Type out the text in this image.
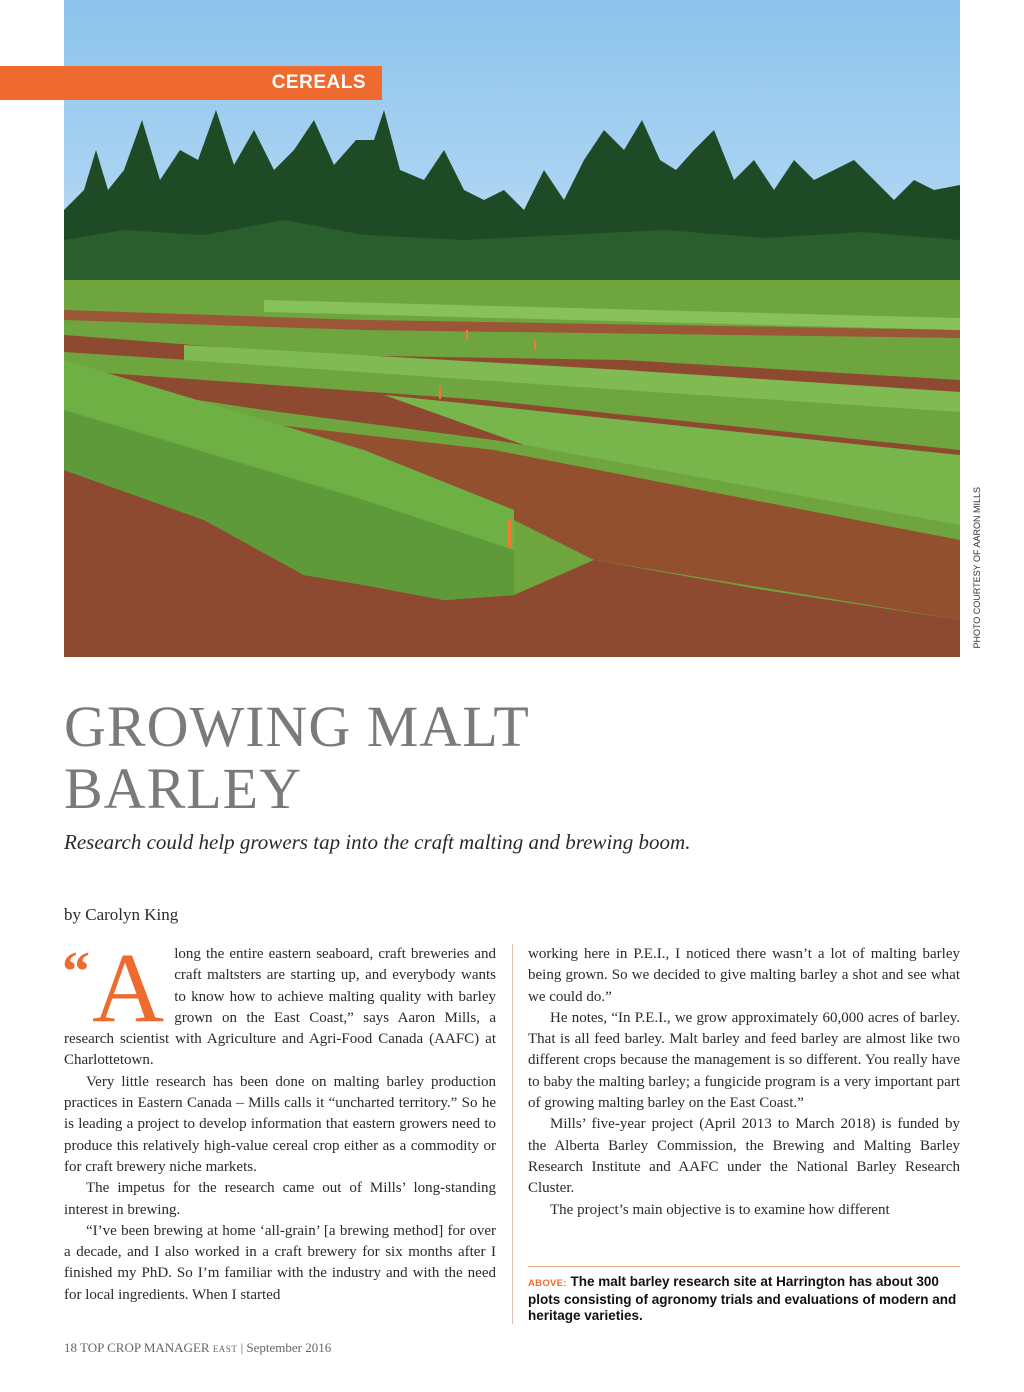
CEREALS
PHOTO COURTESY OF AARON MILLS
GROWING MALT
BARLEY
Research could help growers tap into the craft malting and brewing boom.
by Carolyn King

“ A long the entire eastern seaboard, craft breweries and craft maltsters are starting up, and everybody wants to know how to achieve malting quality with barley grown on the East Coast,” says Aaron Mills, a research scientist with Agriculture and Agri-Food Canada (AAFC) at Charlottetown.

Very little research has been done on malting barley production practices in Eastern Canada – Mills calls it “uncharted territory.” So he is leading a project to develop information that eastern growers need to produce this relatively high-value cereal crop either as a commodity or for craft brewery niche markets.

The impetus for the research came out of Mills’ long-standing interest in brewing.

“I’ve been brewing at home ‘all-grain’ [a brewing method] for over a decade, and I also worked in a craft brewery for six months after I finished my PhD. So I’m familiar with the industry and with the need for local ingredients. When I started

working here in P.E.I., I noticed there wasn’t a lot of malting barley being grown. So we decided to give malting barley a shot and see what we could do.”

He notes, “In P.E.I., we grow approximately 60,000 acres of barley. That is all feed barley. Malt barley and feed barley are almost like two different crops because the management is so different. You really have to baby the malting barley; a fungicide program is a very important part of growing malting barley on the East Coast.”

Mills’ five-year project (April 2013 to March 2018) is funded by the Alberta Barley Commission, the Brewing and Malting Barley Research Institute and AAFC under the National Barley Research Cluster.

The project’s main objective is to examine how different

ABOVE: The malt barley research site at Harrington has about 300 plots consisting of agronomy trials and evaluations of modern and heritage varieties.
18 TOP CROP MANAGER EAST | September 2016
